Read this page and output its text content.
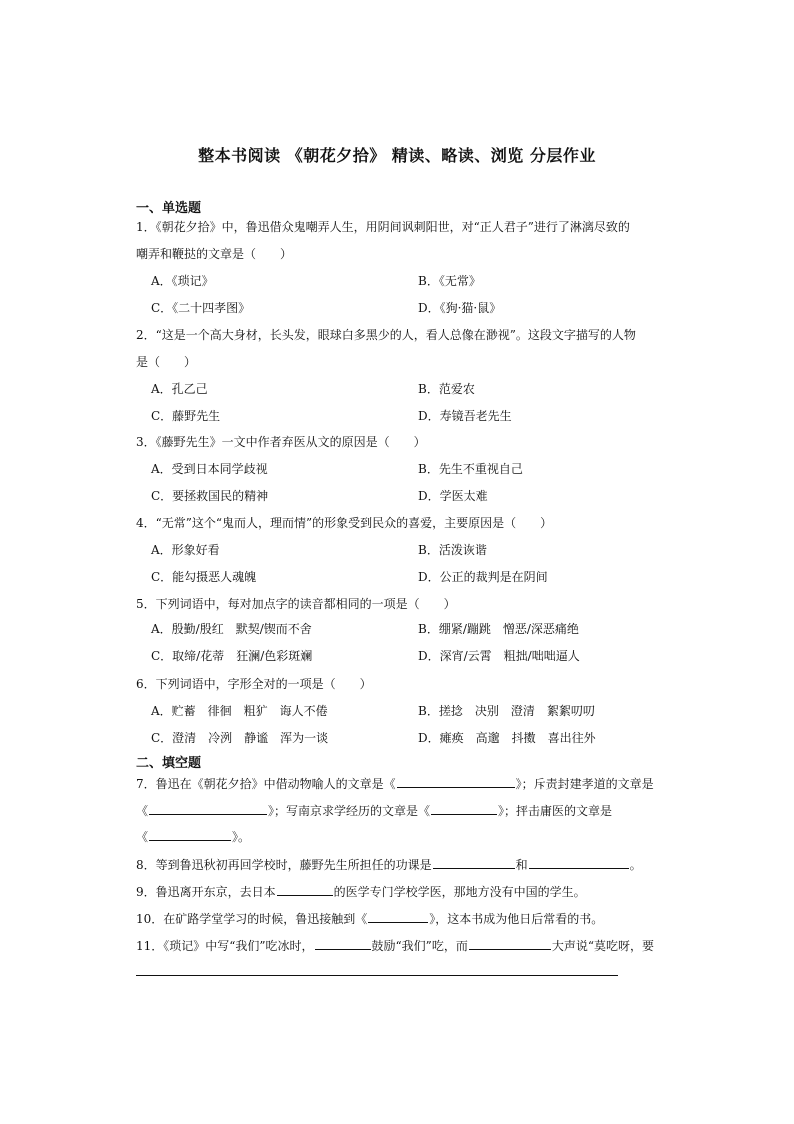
整本书阅读 《朝花夕拾》 精读、略读、浏览 分层作业
一、单选题
1．《朝花夕拾》中，鲁迅借众鬼嘲弄人生，用阴间讽刺阳世，对“正人君子”进行了淋漓尽致的
嘲弄和鞭挞的文章是（　　）
A．《琐记》	B．《无常》
C．《二十四孝图》	D．《狗·猫·鼠》
2．“这是一个高大身材，长头发，眼球白多黑少的人，看人总像在渺视”。这段文字描写的人物
是（　　）
A．孔乙己	B．范爱农
C．藤野先生	D．寿镜吾老先生
3．《藤野先生》一文中作者弃医从文的原因是（　　）
A．受到日本同学歧视	B．先生不重视自己
C．要拯救国民的精神	D．学医太难
4．“无常”这个“鬼而人，理而情”的形象受到民众的喜爱，主要原因是（　　）
A．形象好看	B．活泼诙谐
C．能勾摄恶人魂魄	D．公正的裁判是在阴间
5．下列词语中，每对加点字的读音都相同的一项是（　　）
A．殷勤/殷红　默契/锲而不舍	B．绷紧/蹦跳　憎恶/深恶痛绝
C．取缔/花蒂　狂澜/色彩斑斓	D．深宵/云霄　粗拙/咄咄逼人
6．下列词语中，字形全对的一项是（　　）
A．贮蓄　徘徊　粗犷　诲人不倦	B．搓捻　决别　澄清　絮絮叨叨
C．澄清　冷洌　静谧　浑为一谈	D．瘫痪　高邈　抖擞　喜出往外
二、填空题
7．鲁迅在《朝花夕拾》中借动物喻人的文章是《	》；斥责封建孝道的文章是
《	》；写南京求学经历的文章是《	》；抨击庸医的文章是
《	》。
8．等到鲁迅秋初再回学校时，藤野先生所担任的功课是	和	。
9．鲁迅离开东京，去日本	的医学专门学校学医，那地方没有中国的学生。
10．在矿路学堂学习的时候，鲁迅接触到《	》，这本书成为他日后常看的书。
11．《琐记》中写“我们”吃冰时，	鼓励“我们”吃，而	大声说“莫吃呀，要
